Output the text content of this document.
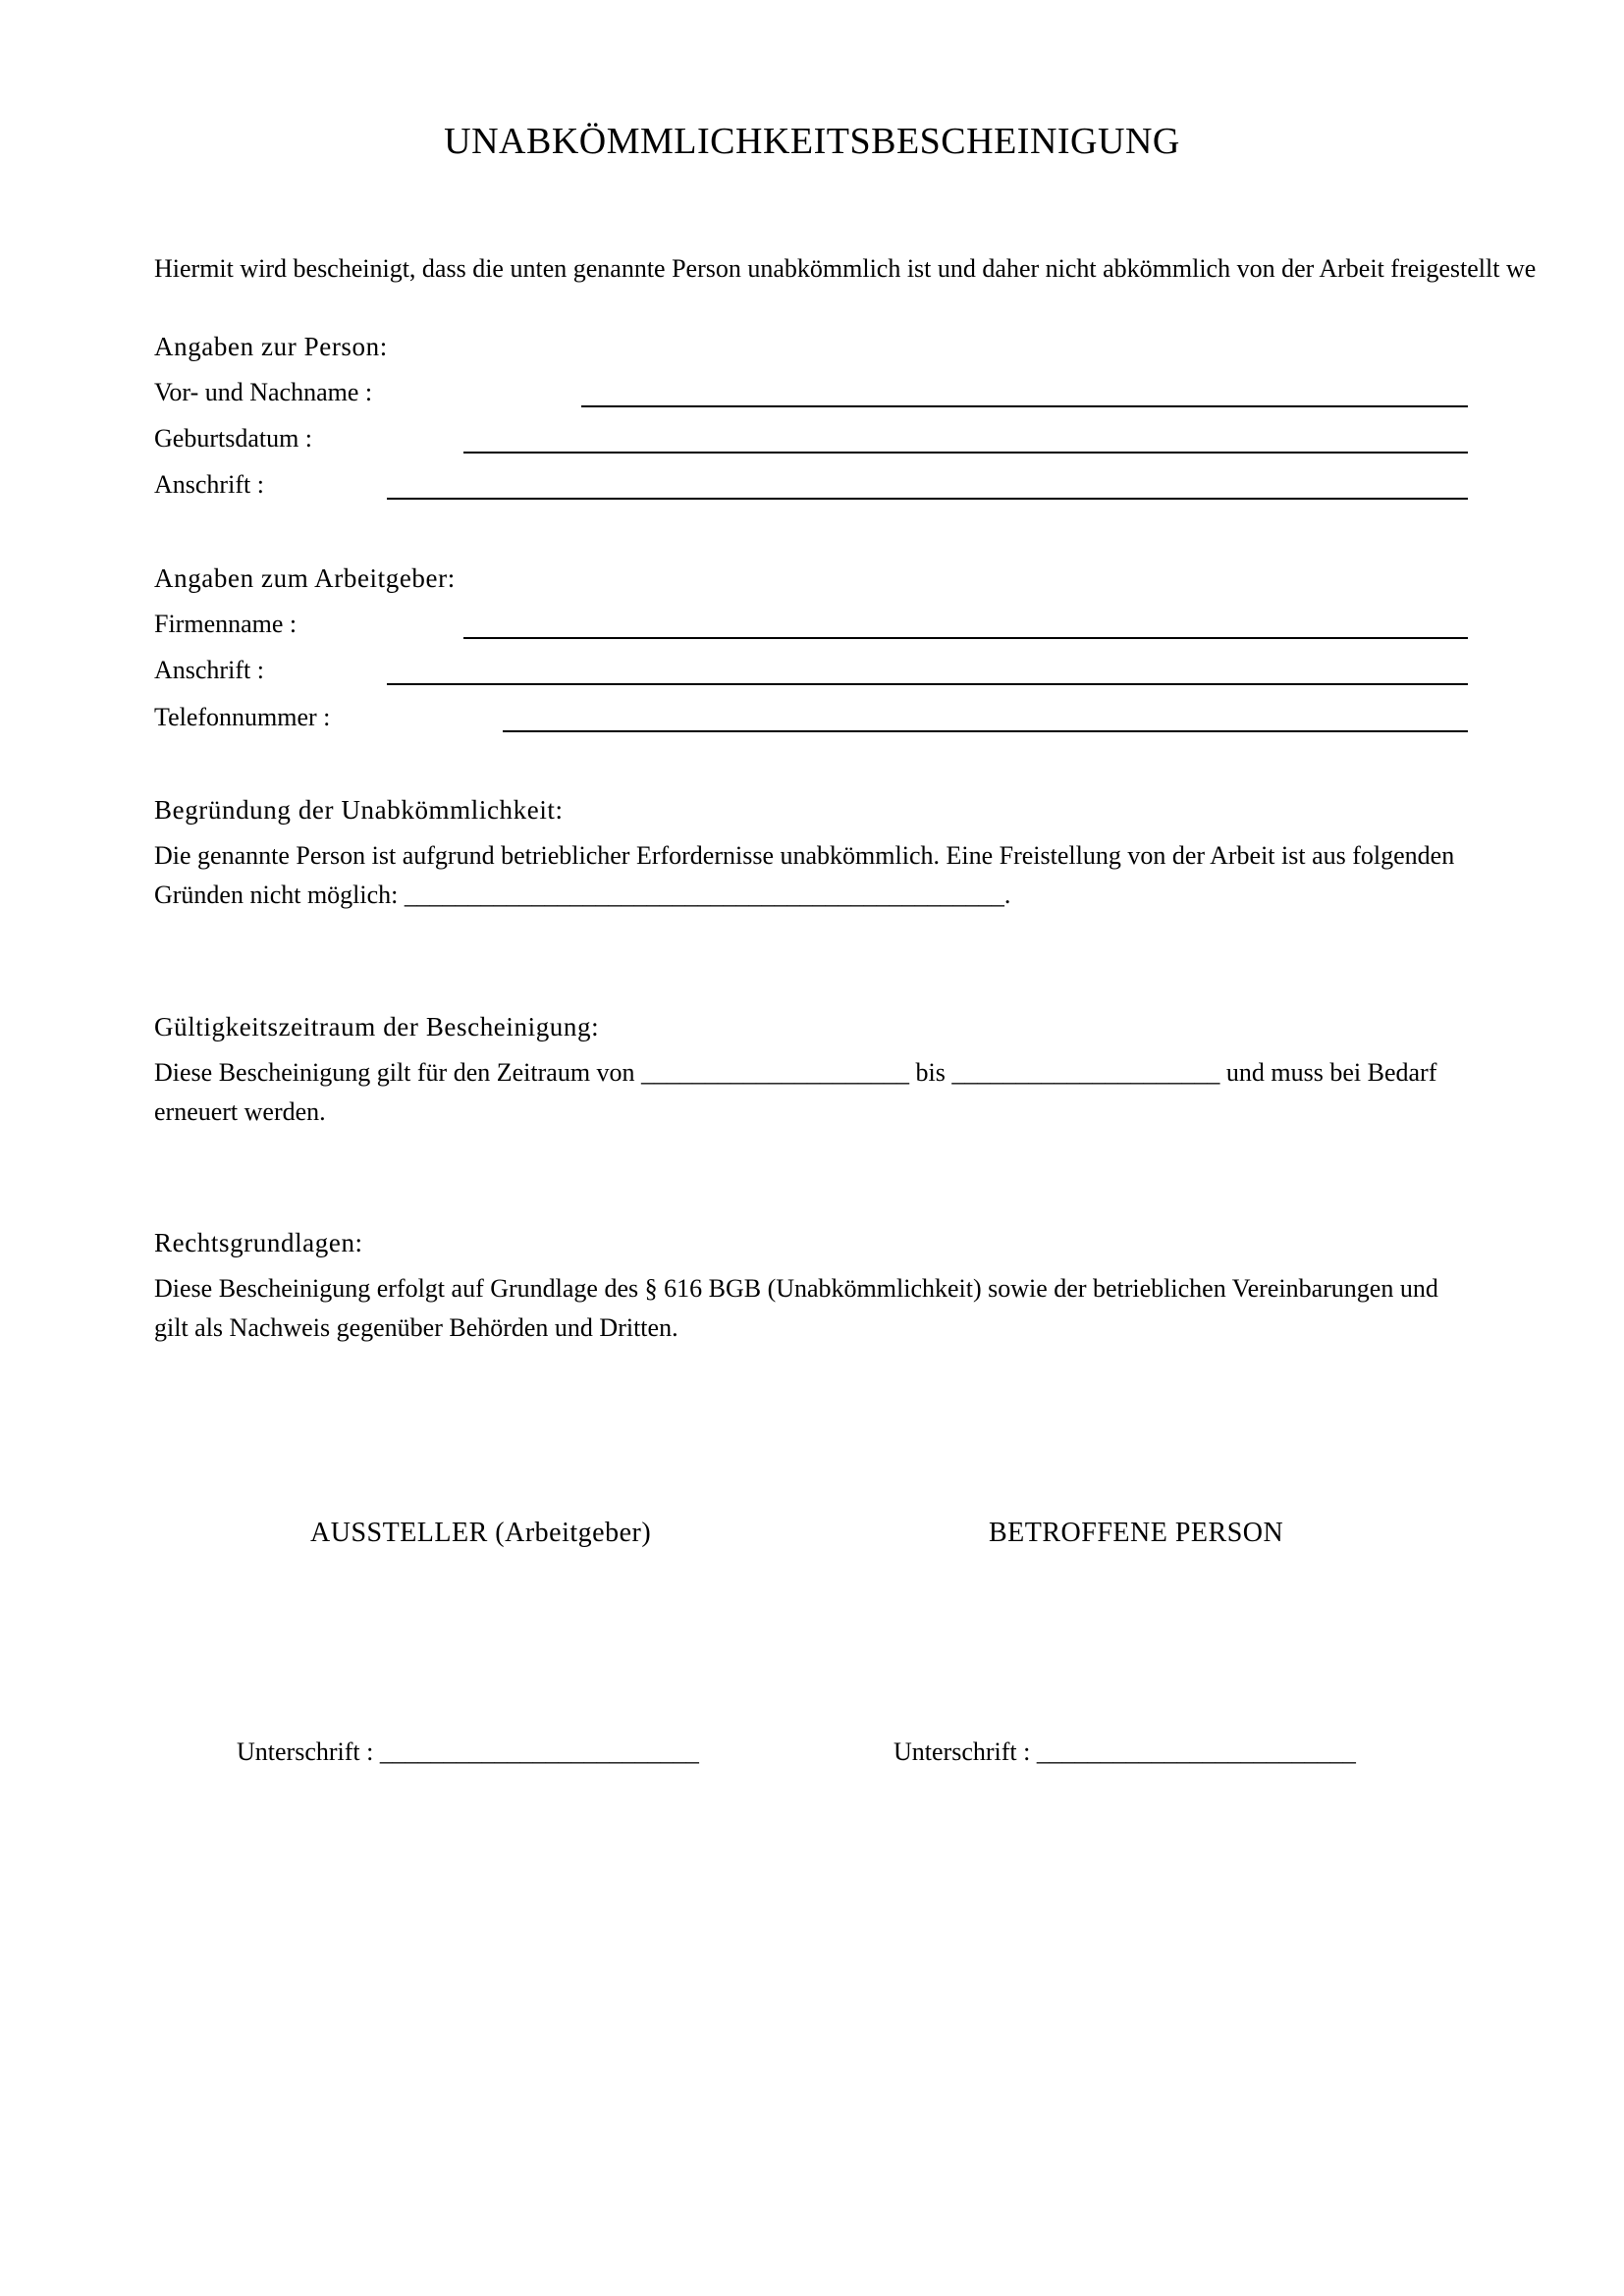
UNABKÖMMLICHKEITSBESCHEINIGUNG
Hiermit wird bescheinigt, dass die unten genannte Person unabkömmlich ist und daher nicht abkömmlich von der Arbeit freigestellt we
Angaben zur Person:
Vor- und Nachname :
Geburtsdatum :
Anschrift :
Angaben zum Arbeitgeber:
Firmenname :
Anschrift :
Telefonnummer :
Begründung der Unabkömmlichkeit:
Die genannte Person ist aufgrund betrieblicher Erfordernisse unabkömmlich. Eine Freistellung von der Arbeit ist aus folgenden Gründen nicht möglich: _______________________________________________.
Gültigkeitszeitraum der Bescheinigung:
Diese Bescheinigung gilt für den Zeitraum von _____________________ bis _____________________ und muss bei Bedarf erneuert werden.
Rechtsgrundlagen:
Diese Bescheinigung erfolgt auf Grundlage des § 616 BGB (Unabkömmlichkeit) sowie der betrieblichen Vereinbarungen und gilt als Nachweis gegenüber Behörden und Dritten.
AUSSTELLER (Arbeitgeber)	BETROFFENE PERSON
Unterschrift : _________________________	Unterschrift : _________________________
